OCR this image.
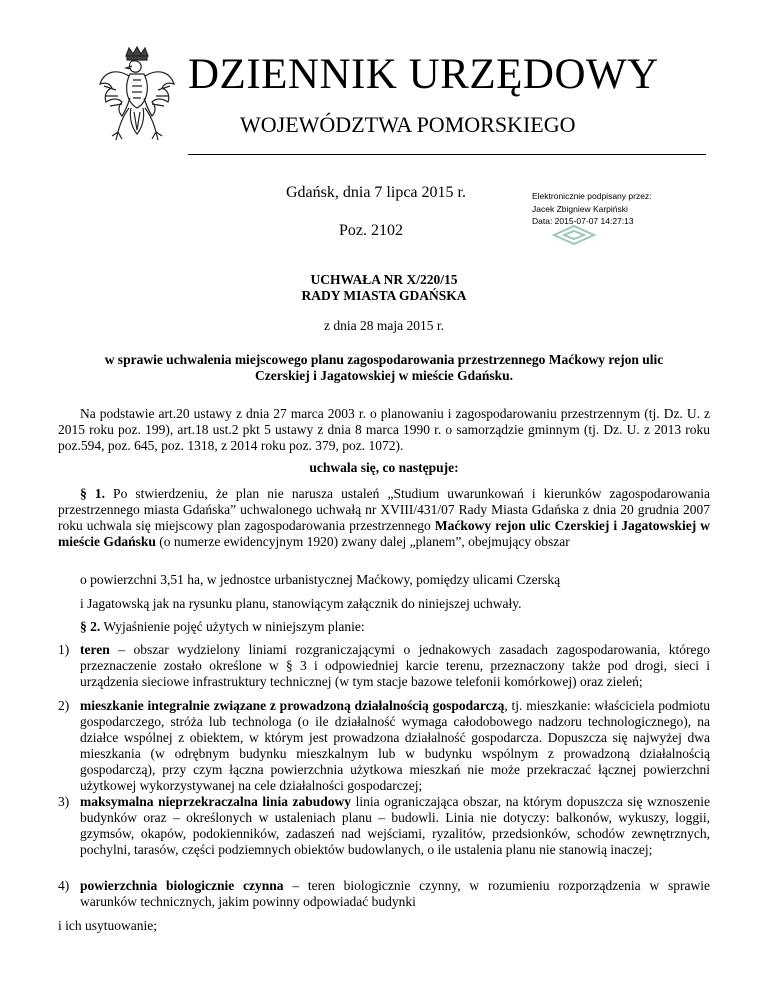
DZIENNIK URZĘDOWY
WOJEWÓDZTWA POMORSKIEGO
Gdańsk, dnia 7 lipca 2015 r.
Poz. 2102
Elektronicznie podpisany przez:
Jacek Zbigniew Karpiński
Data: 2015-07-07 14:27:13
UCHWAŁA NR X/220/15
RADY MIASTA GDAŃSKA
z dnia 28 maja 2015 r.
w sprawie uchwalenia miejscowego planu zagospodarowania przestrzennego Maćkowy rejon ulic
Czerskiej i Jagatowskiej w mieście Gdańsku.
Na podstawie art.20 ustawy z dnia 27 marca 2003 r. o planowaniu i zagospodarowaniu przestrzennym (tj. Dz. U. z 2015 roku poz. 199), art.18 ust.2 pkt 5 ustawy z dnia 8 marca 1990 r. o samorządzie gminnym (tj. Dz. U. z 2013 roku poz.594, poz. 645, poz. 1318, z 2014 roku poz. 379, poz. 1072).
uchwala się, co następuje:
§ 1. Po stwierdzeniu, że plan nie narusza ustaleń „Studium uwarunkowań i kierunków zagospodarowania przestrzennego miasta Gdańska” uchwalonego uchwałą nr XVIII/431/07 Rady Miasta Gdańska z dnia 20 grudnia 2007 roku uchwala się miejscowy plan zagospodarowania przestrzennego Maćkowy rejon ulic Czerskiej i Jagatowskiej w mieście Gdańsku (o numerze ewidencyjnym 1920) zwany dalej „planem”, obejmujący obszar
o powierzchni 3,51 ha, w jednostce urbanistycznej Maćkowy, pomiędzy ulicami Czerską
i Jagatowską jak na rysunku planu, stanowiącym załącznik do niniejszej uchwały.
§ 2. Wyjaśnienie pojęć użytych w niniejszym planie:
1) teren – obszar wydzielony liniami rozgraniczającymi o jednakowych zasadach zagospodarowania, którego przeznaczenie zostało określone w § 3 i odpowiedniej karcie terenu, przeznaczony także pod drogi, sieci i urządzenia sieciowe infrastruktury technicznej (w tym stacje bazowe telefonii komórkowej) oraz zieleń;
2) mieszkanie integralnie związane z prowadzoną działalnością gospodarczą, tj. mieszkanie: właściciela podmiotu gospodarczego, stróża lub technologa (o ile działalność wymaga całodobowego nadzoru technologicznego), na działce wspólnej z obiektem, w którym jest prowadzona działalność gospodarcza. Dopuszcza się najwyżej dwa mieszkania (w odrębnym budynku mieszkalnym lub w budynku wspólnym z prowadzoną działalnością gospodarczą), przy czym łączna powierzchnia użytkowa mieszkań nie może przekraczać łącznej powierzchni użytkowej wykorzystywanej na cele działalności gospodarczej;
3) maksymalna nieprzekraczalna linia zabudowy linia ograniczająca obszar, na którym dopuszcza się wznoszenie budynków oraz – określonych w ustaleniach planu – budowli. Linia nie dotyczy: balkonów, wykuszy, loggii, gzymsów, okapów, podokienników, zadaszeń nad wejściami, ryzalitów, przedsionków, schodów zewnętrznych, pochylni, tarasów, części podziemnych obiektów budowlanych, o ile ustalenia planu nie stanowią inaczej;
4) powierzchnia biologicznie czynna – teren biologicznie czynny, w rozumieniu rozporządzenia w sprawie warunków technicznych, jakim powinny odpowiadać budynki
i ich usytuowanie;
